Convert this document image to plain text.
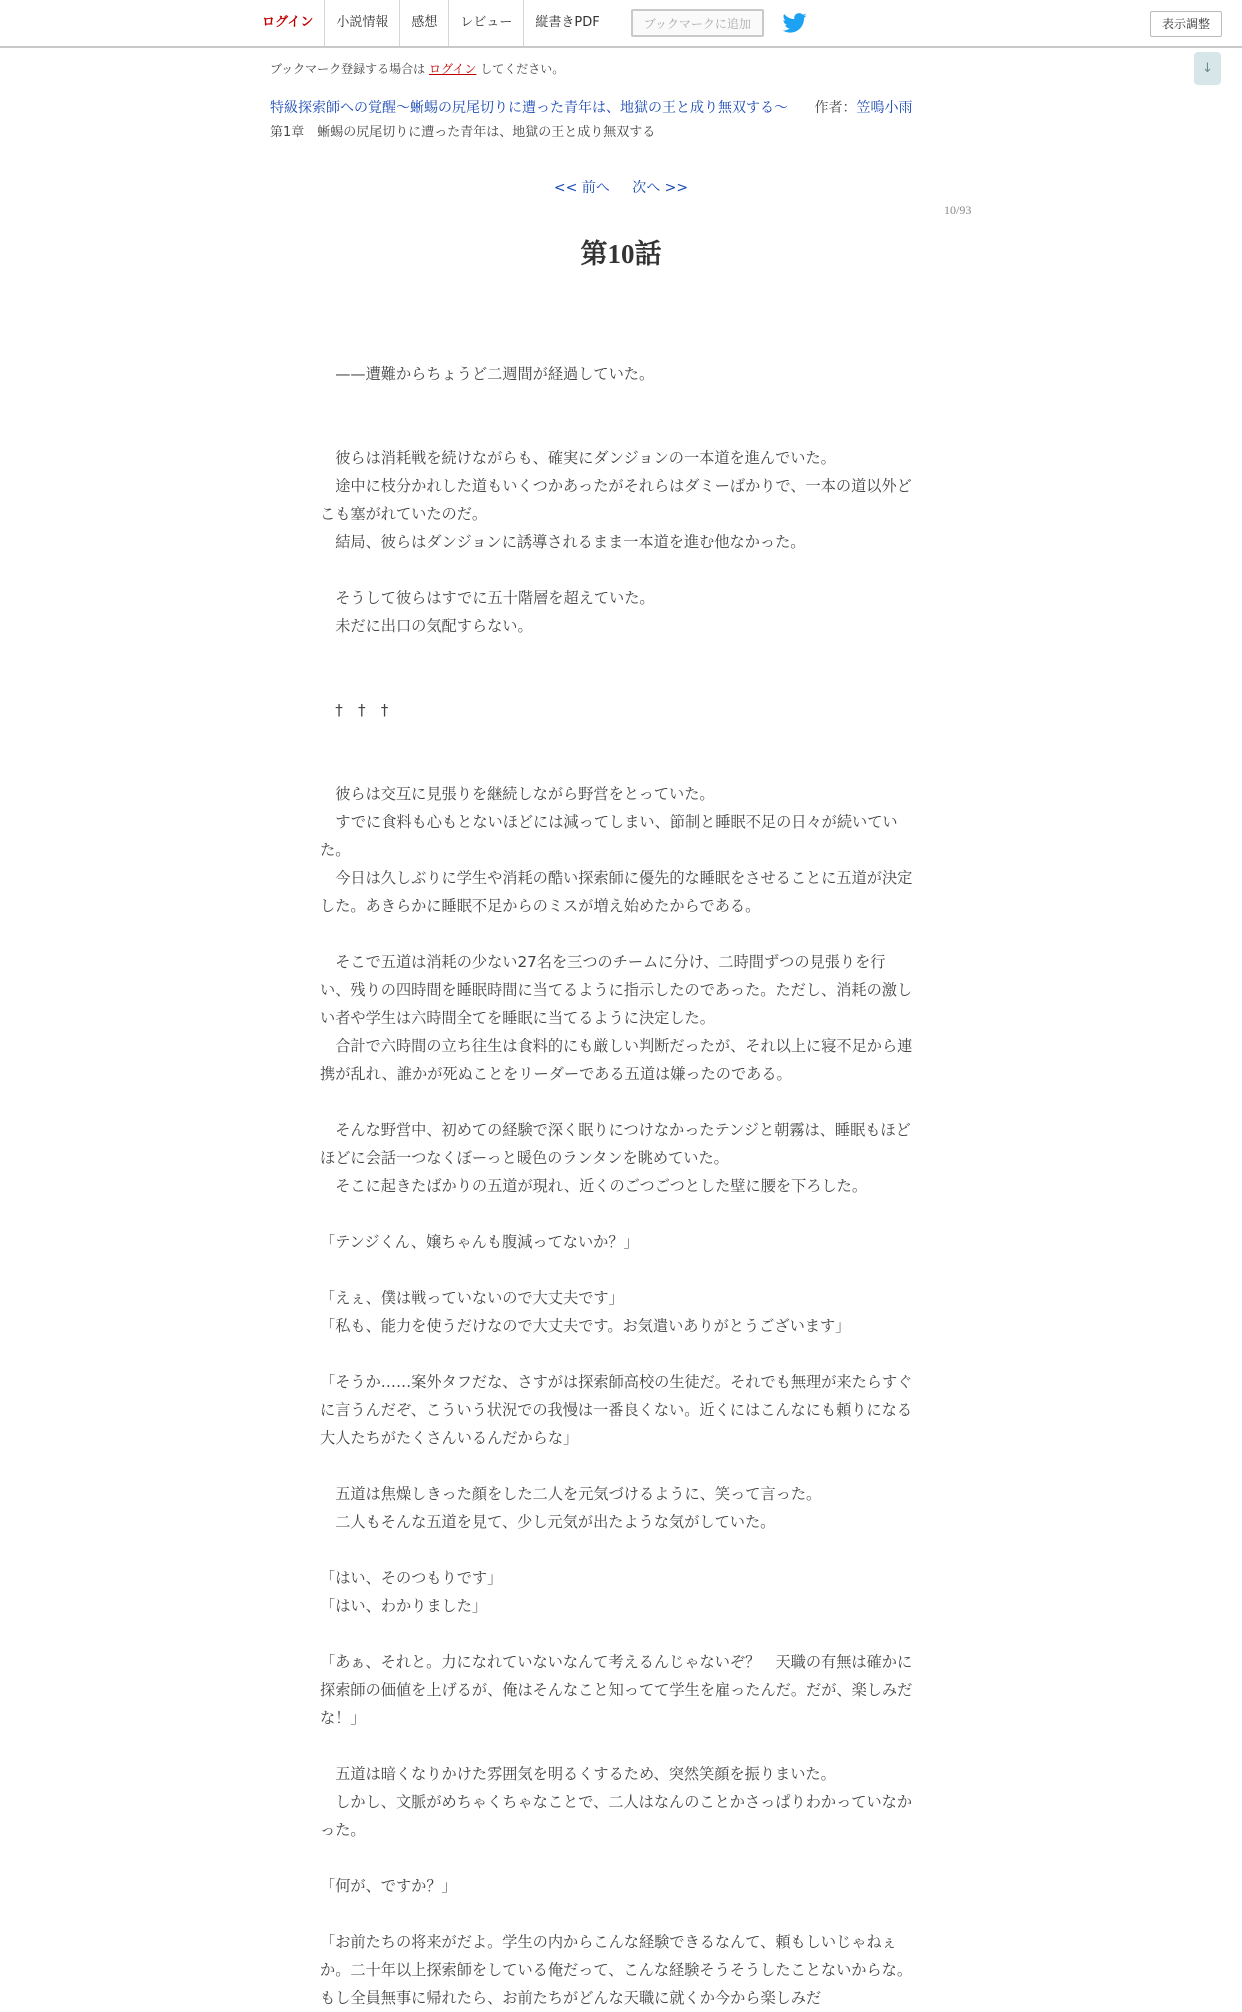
ログイン	小説情報	感想	レビュー	縦書きPDF	ブックマークに追加	表示調整
↓
ブックマーク登録する場合は ログイン してください。
特級探索師への覚醒～蜥蜴の尻尾切りに遭った青年は、地獄の王と成り無双する～ 作者：笠鳴小雨
第1章　蜥蜴の尻尾切りに遭った青年は、地獄の王と成り無双する
<< 前へ 次へ >>
10/93
第10話

　——遭難からちょうど二週間が経過していた。

　彼らは消耗戦を続けながらも、確実にダンジョンの一本道を進んでいた。

　途中に枝分かれした道もいくつかあったがそれらはダミーばかりで、一本の道以外どこも塞がれていたのだ。

　結局、彼らはダンジョンに誘導されるまま一本道を進む他なかった。

　そうして彼らはすでに五十階層を超えていた。

　未だに出口の気配すらない。

　†　†　†

　彼らは交互に見張りを継続しながら野営をとっていた。

　すでに食料も心もとないほどには減ってしまい、節制と睡眠不足の日々が続いていた。

　今日は久しぶりに学生や消耗の酷い探索師に優先的な睡眠をさせることに五道が決定した。あきらかに睡眠不足からのミスが増え始めたからである。

　そこで五道は消耗の少ない27名を三つのチームに分け、二時間ずつの見張りを行い、残りの四時間を睡眠時間に当てるように指示したのであった。ただし、消耗の激しい者や学生は六時間全てを睡眠に当てるように決定した。

　合計で六時間の立ち往生は食料的にも厳しい判断だったが、それ以上に寝不足から連携が乱れ、誰かが死ぬことをリーダーである五道は嫌ったのである。

　そんな野営中、初めての経験で深く眠りにつけなかったテンジと朝霧は、睡眠もほどほどに会話一つなくぼーっと暖色のランタンを眺めていた。

　そこに起きたばかりの五道が現れ、近くのごつごつとした壁に腰を下ろした。

「テンジくん、嬢ちゃんも腹減ってないか？」

「えぇ、僕は戦っていないので大丈夫です」

「私も、能力を使うだけなので大丈夫です。お気遣いありがとうございます」

「そうか……案外タフだな、さすがは探索師高校の生徒だ。それでも無理が来たらすぐに言うんだぞ、こういう状況での我慢は一番良くない。近くにはこんなにも頼りになる大人たちがたくさんいるんだからな」

　五道は焦燥しきった顔をした二人を元気づけるように、笑って言った。

　二人もそんな五道を見て、少し元気が出たような気がしていた。

「はい、そのつもりです」

「はい、わかりました」

「あぁ、それと。力になれていないなんて考えるんじゃないぞ？　天職の有無は確かに探索師の価値を上げるが、俺はそんなこと知ってて学生を雇ったんだ。だが、楽しみだな！」

　五道は暗くなりかけた雰囲気を明るくするため、突然笑顔を振りまいた。

　しかし、文脈がめちゃくちゃなことで、二人はなんのことかさっぱりわかっていなかった。

「何が、ですか？」

「お前たちの将来がだよ。学生の内からこんな経験できるなんて、頼もしいじゃねぇか。二十年以上探索師をしている俺だって、こんな経験そうそうしたことないからな。もし全員無事に帰れたら、お前たちがどんな天職に就くか今から楽しみだ
